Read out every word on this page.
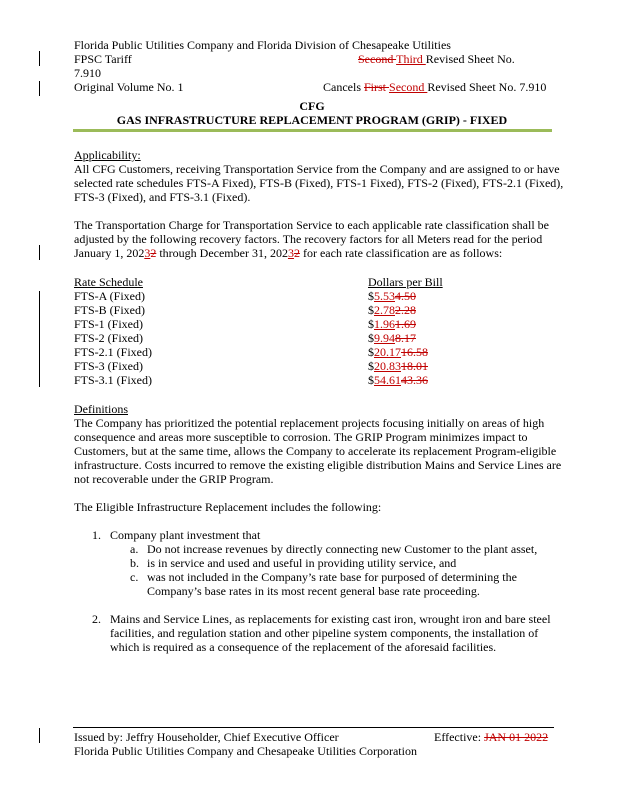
Florida Public Utilities Company and Florida Division of Chesapeake Utilities
FPSC Tariff	Second Third Revised Sheet No.
7.910
Original Volume No. 1	Cancels First Second Revised Sheet No. 7.910
CFG
GAS INFRASTRUCTURE REPLACEMENT PROGRAM (GRIP) - FIXED
Applicability:
All CFG Customers, receiving Transportation Service from the Company and are assigned to or have selected rate schedules FTS-A Fixed), FTS-B (Fixed), FTS-1 Fixed), FTS-2 (Fixed), FTS-2.1 (Fixed), FTS-3 (Fixed), and FTS-3.1 (Fixed).
The Transportation Charge for Transportation Service to each applicable rate classification shall be adjusted by the following recovery factors. The recovery factors for all Meters read for the period January 1, 20232 through December 31, 20232 for each rate classification are as follows:
Rate Schedule	Dollars per Bill
FTS-A (Fixed)	$5.534.50
FTS-B (Fixed)	$2.782.28
FTS-1 (Fixed)	$1.961.69
FTS-2 (Fixed)	$9.948.17
FTS-2.1 (Fixed)	$20.1716.58
FTS-3 (Fixed)	$20.8318.01
FTS-3.1 (Fixed)	$54.6143.36
Definitions
The Company has prioritized the potential replacement projects focusing initially on areas of high consequence and areas more susceptible to corrosion. The GRIP Program minimizes impact to Customers, but at the same time, allows the Company to accelerate its replacement Program-eligible infrastructure. Costs incurred to remove the existing eligible distribution Mains and Service Lines are not recoverable under the GRIP Program.
The Eligible Infrastructure Replacement includes the following:
1. Company plant investment that
a. Do not increase revenues by directly connecting new Customer to the plant asset,
b. is in service and used and useful in providing utility service, and
c. was not included in the Company’s rate base for purposed of determining the Company’s base rates in its most recent general base rate proceeding.
2. Mains and Service Lines, as replacements for existing cast iron, wrought iron and bare steel facilities, and regulation station and other pipeline system components, the installation of which is required as a consequence of the replacement of the aforesaid facilities.
Issued by: Jeffry Householder, Chief Executive Officer	Effective: JAN 01 2022
Florida Public Utilities Company and Chesapeake Utilities Corporation
